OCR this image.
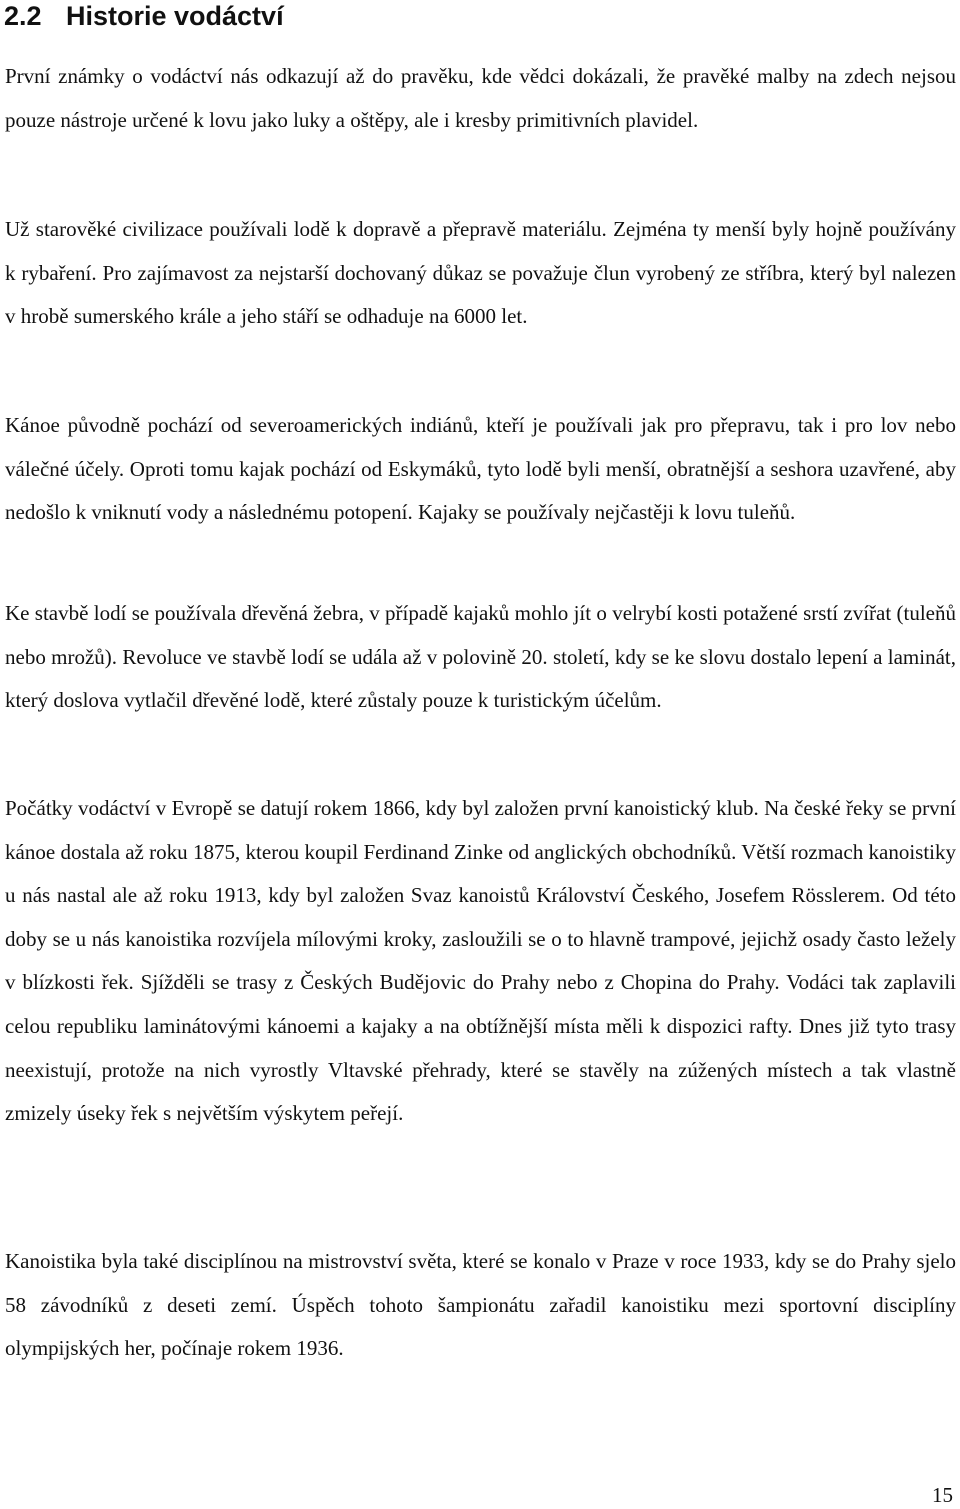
2.2 Historie vodáctví

První známky o vodáctví nás odkazují až do pravěku, kde vědci dokázali, že pravěké malby na zdech nejsou pouze nástroje určené k lovu jako luky a oštěpy, ale i kresby primitivních plavidel.

Už starověké civilizace používali lodě k dopravě a přepravě materiálu. Zejména ty menší byly hojně používány k rybaření. Pro zajímavost za nejstarší dochovaný důkaz se považuje člun vyrobený ze stříbra, který byl nalezen v hrobě sumerského krále a jeho stáří se odhaduje na 6000 let.

Kánoe původně pochází od severoamerických indiánů, kteří je používali jak pro přepravu, tak i pro lov nebo válečné účely. Oproti tomu kajak pochází od Eskymáků, tyto lodě byli menší, obratnější a seshora uzavřené, aby nedošlo k vniknutí vody a následnému potopení. Kajaky se používaly nejčastěji k lovu tuleňů.

Ke stavbě lodí se používala dřevěná žebra, v případě kajaků mohlo jít o velrybí kosti potažené srstí zvířat (tuleňů nebo mrožů). Revoluce ve stavbě lodí se udála až v polovině 20. století, kdy se ke slovu dostalo lepení a laminát, který doslova vytlačil dřevěné lodě, které zůstaly pouze k turistickým účelům.

Počátky vodáctví v Evropě se datují rokem 1866, kdy byl založen první kanoistický klub. Na české řeky se první kánoe dostala až roku 1875, kterou koupil Ferdinand Zinke od anglických obchodníků. Větší rozmach kanoistiky u nás nastal ale až roku 1913, kdy byl založen Svaz kanoistů Království Českého, Josefem Rösslerem. Od této doby se u nás kanoistika rozvíjela mílovými kroky, zasloužili se o to hlavně trampové, jejichž osady často ležely v blízkosti řek. Sjížděli se trasy z Českých Budějovic do Prahy nebo z Chopina do Prahy. Vodáci tak zaplavili celou republiku laminátovými kánoemi a kajaky a na obtížnější místa měli k dispozici rafty. Dnes již tyto trasy neexistují, protože na nich vyrostly Vltavské přehrady, které se stavěly na zúžených místech a tak vlastně zmizely úseky řek s největším výskytem peřejí.

Kanoistika byla také disciplínou na mistrovství světa, které se konalo v Praze v roce 1933, kdy se do Prahy sjelo 58 závodníků z deseti zemí. Úspěch tohoto šampionátu zařadil kanoistiku mezi sportovní disciplíny olympijských her, počínaje rokem 1936.

15
